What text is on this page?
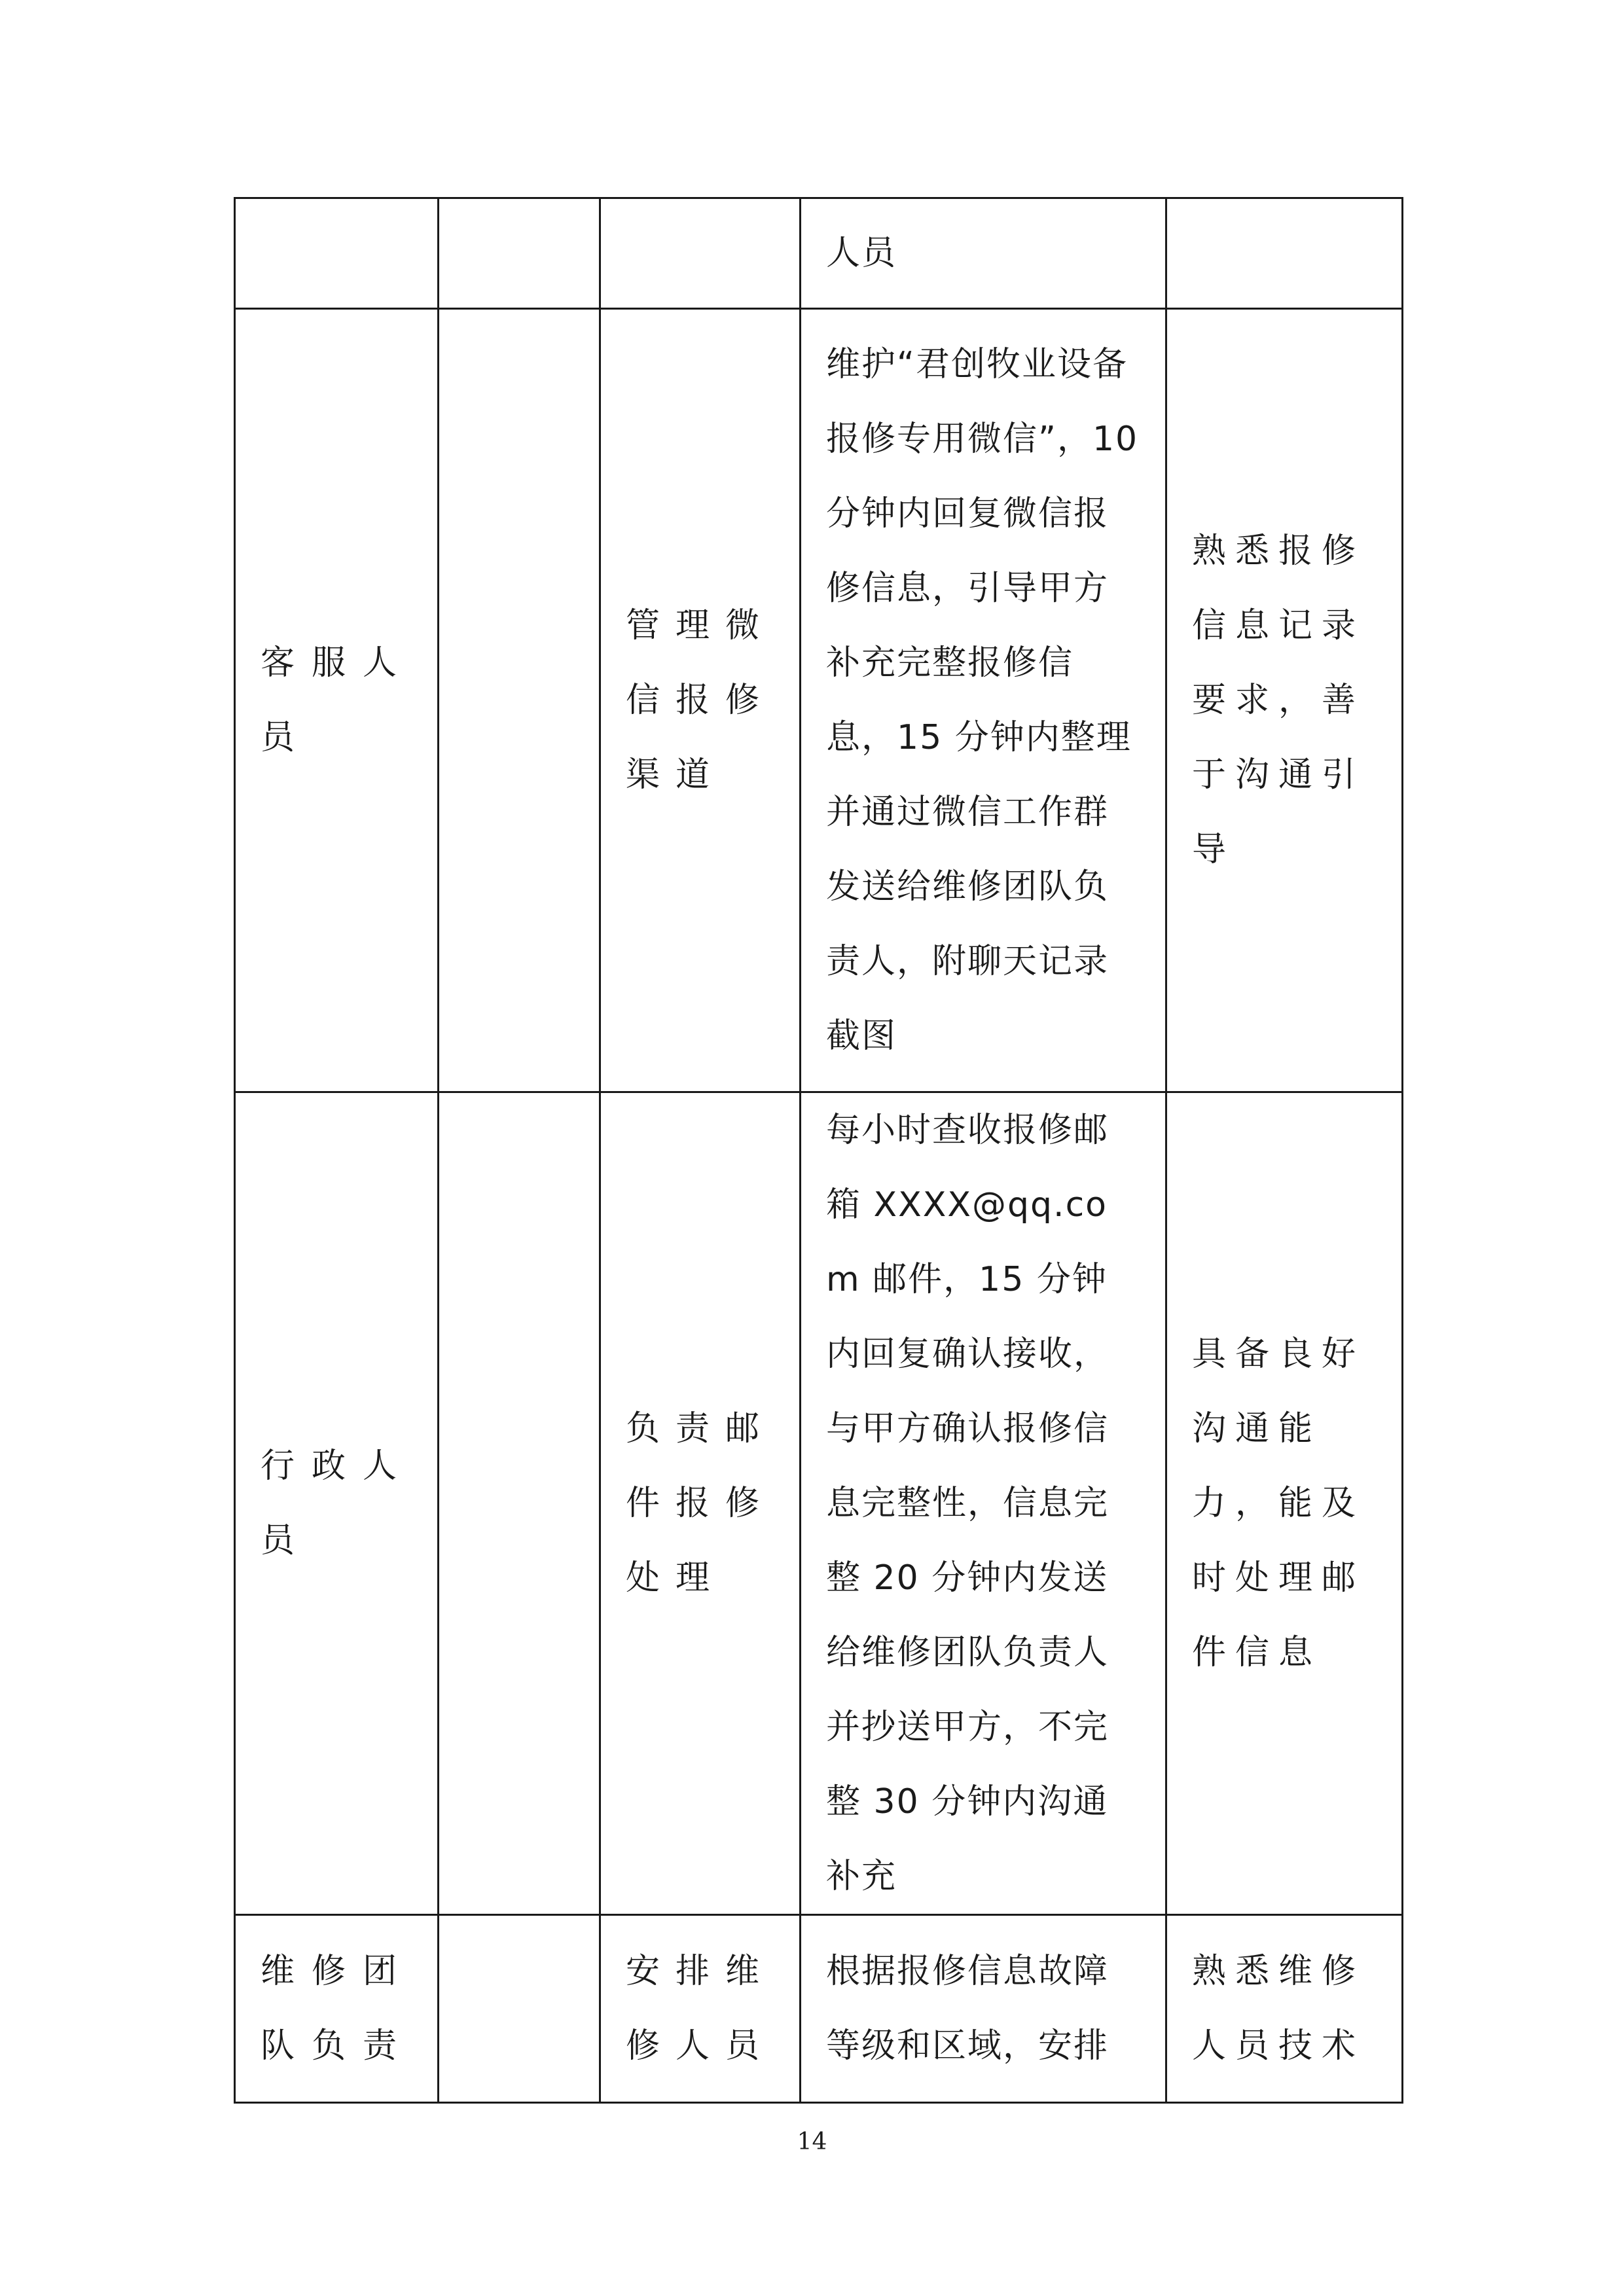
			人员	

客服人员		管理微信报修渠道	维护“君创牧业设备报修专用微信”，10 分钟内回复微信报修信息，引导甲方补充完整报修信息，15 分钟内整理并通过微信工作群发送给维修团队负责人，附聊天记录截图	熟悉报修信息记录要求，善于沟通引导

行政人员		负责邮件报修处理	每小时查收报修邮箱 XXXX@qq.com 邮件，15 分钟内回复确认接收，与甲方确认报修信息完整性，信息完整 20 分钟内发送给维修团队负责人并抄送甲方，不完整 30 分钟内沟通补充	具备良好沟通能力，能及时处理邮件信息

维修团队负责		安排维修人员	根据报修信息故障等级和区域，安排	熟悉维修人员技术
14
